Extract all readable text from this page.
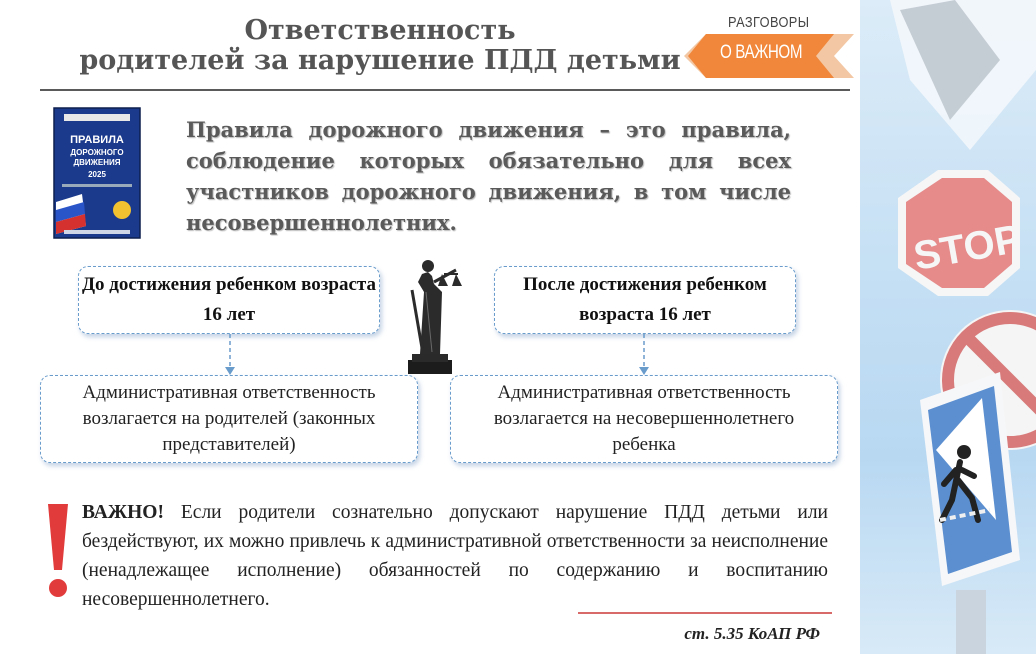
STOP
Ответственность
родителей за нарушение ПДД детьми
РАЗГОВОРЫ
О ВАЖНОМ
ПРАВИЛА
ДОРОЖНОГО
ДВИЖЕНИЯ
2025
Правила дорожного движения – это правила, соблюдение которых обязательно для всех участников дорожного движения, в том числе несовершеннолетних.
До достижения ребенком возраста 16 лет
После достижения ребенком возраста 16 лет
Административная ответственность возлагается на родителей (законных представителей)
Административная ответственность возлагается на несовершеннолетнего ребенка
ВАЖНО! Если родители сознательно допускают нарушение ПДД детьми или бездействуют, их можно привлечь к административной ответственности за неисполнение (ненадлежащее исполнение) обязанностей по содержанию и воспитанию несовершеннолетнего.
ст. 5.35 КоАП РФ
